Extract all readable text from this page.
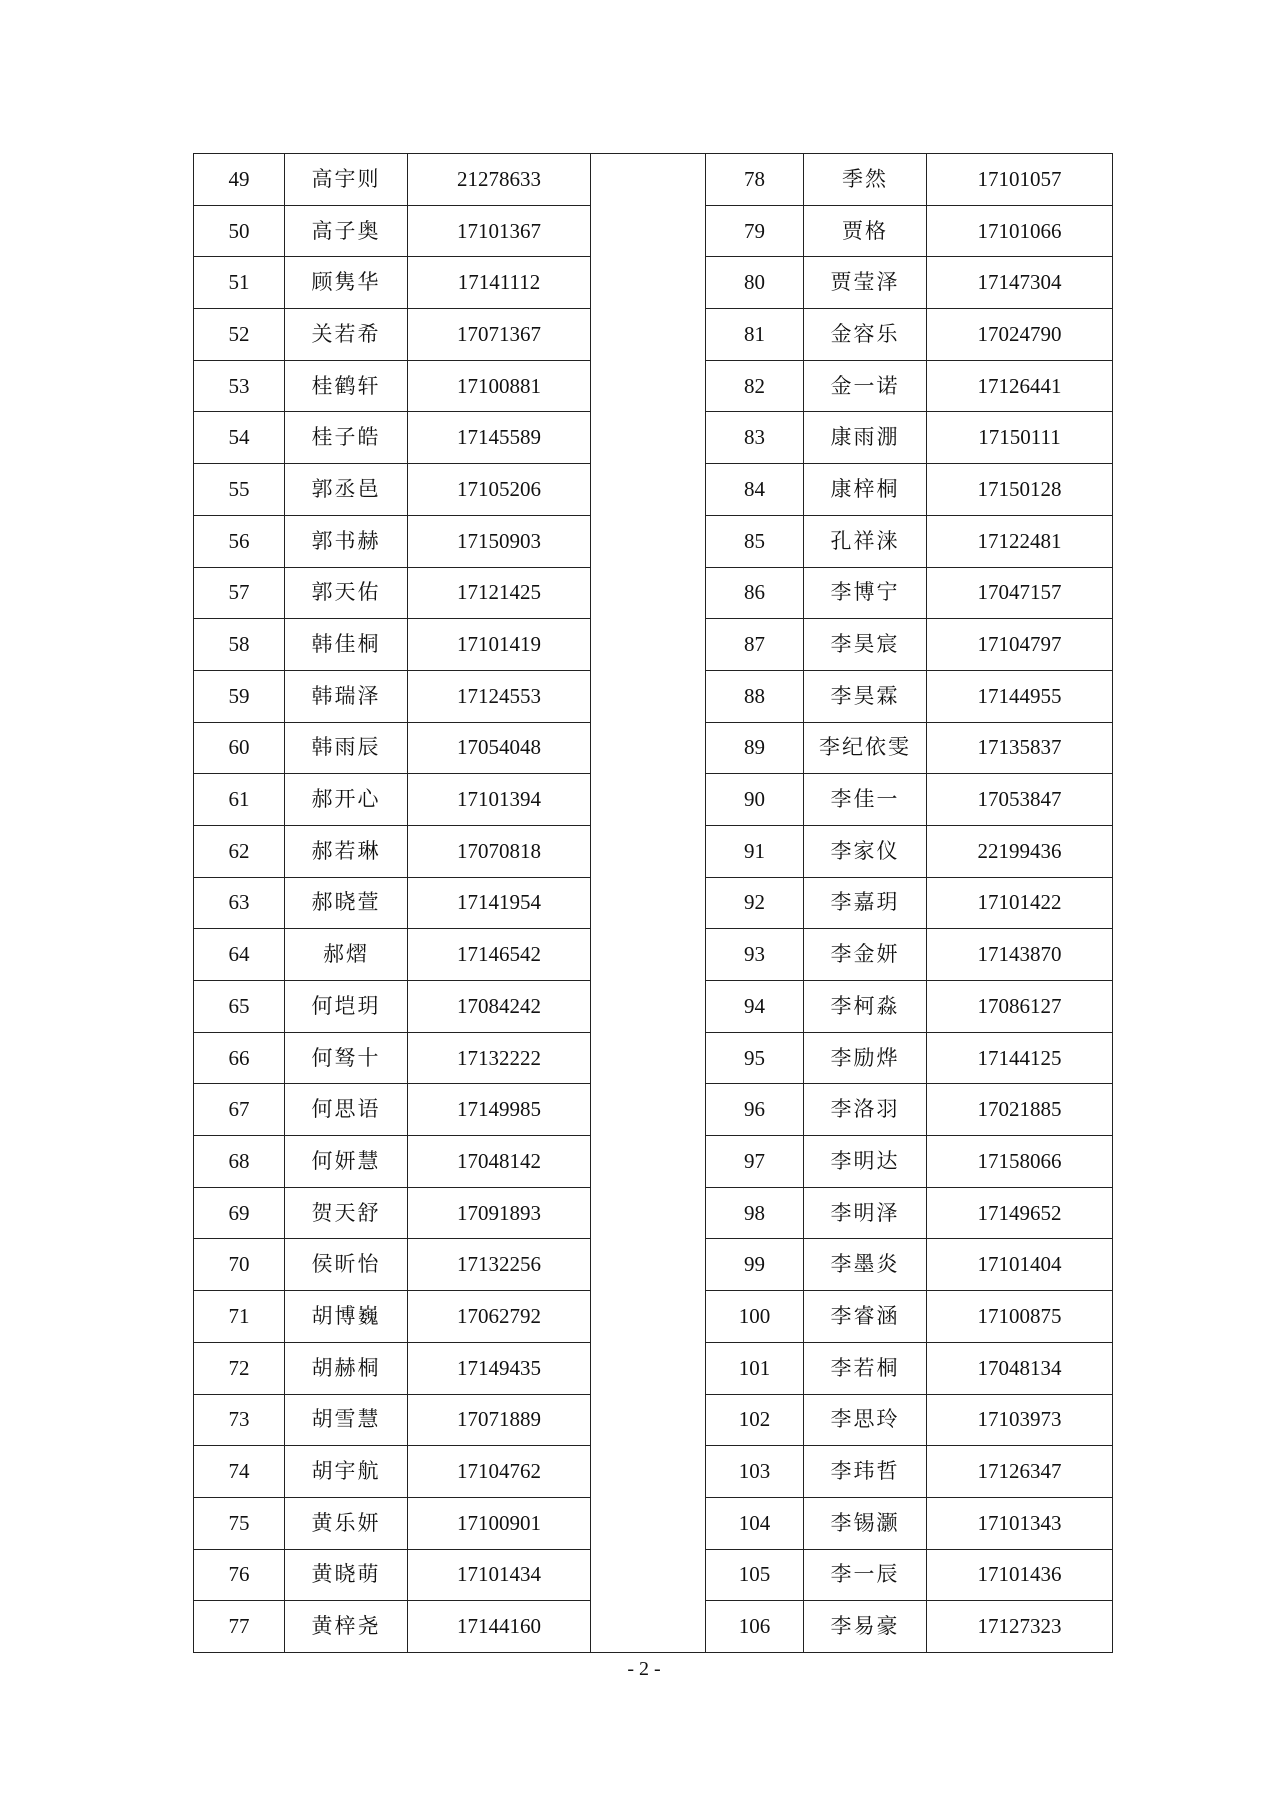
49	高宇则	21278633		78	季然	17101057
50	高子奥	17101367		79	贾格	17101066
51	顾隽华	17141112		80	贾莹泽	17147304
52	关若希	17071367		81	金容乐	17024790
53	桂鹤轩	17100881		82	金一诺	17126441
54	桂子皓	17145589		83	康雨淜	17150111
55	郭丞邑	17105206		84	康梓桐	17150128
56	郭书赫	17150903		85	孔祥涞	17122481
57	郭天佑	17121425		86	李博宁	17047157
58	韩佳桐	17101419		87	李昊宸	17104797
59	韩瑞泽	17124553		88	李昊霖	17144955
60	韩雨辰	17054048		89	李纪依雯	17135837
61	郝开心	17101394		90	李佳一	17053847
62	郝若琳	17070818		91	李家仪	22199436
63	郝晓萱	17141954		92	李嘉玥	17101422
64	郝熠	17146542		93	李金妍	17143870
65	何垲玥	17084242		94	李柯淼	17086127
66	何驽十	17132222		95	李励烨	17144125
67	何思语	17149985		96	李洛羽	17021885
68	何妍慧	17048142		97	李明达	17158066
69	贺天舒	17091893		98	李明泽	17149652
70	侯昕怡	17132256		99	李墨炎	17101404
71	胡博巍	17062792		100	李睿涵	17100875
72	胡赫桐	17149435		101	李若桐	17048134
73	胡雪慧	17071889		102	李思玲	17103973
74	胡宇航	17104762		103	李玮哲	17126347
75	黄乐妍	17100901		104	李锡灏	17101343
76	黄晓萌	17101434		105	李一辰	17101436
77	黄梓尧	17144160		106	李易豪	17127323
- 2 -
